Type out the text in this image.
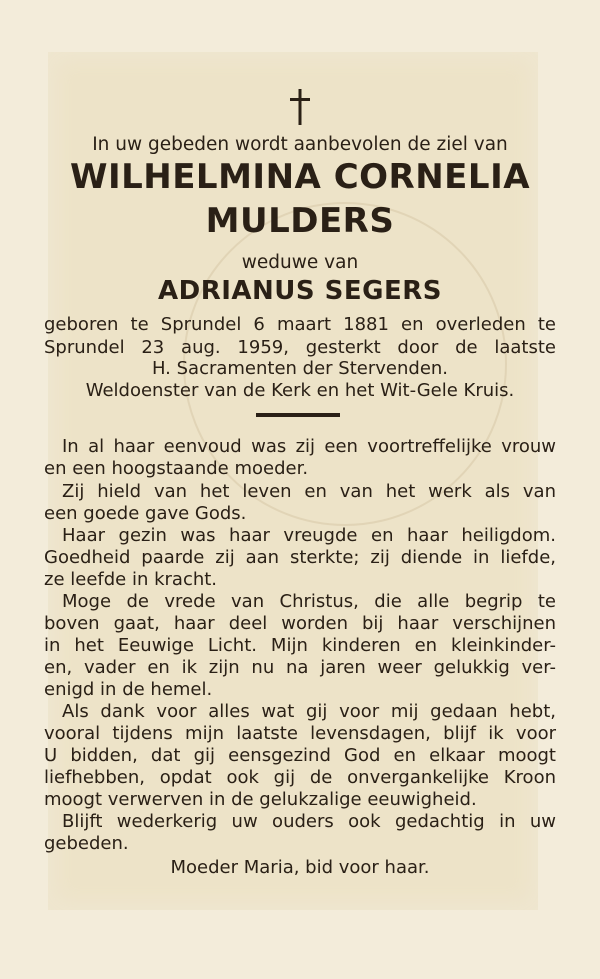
In uw gebeden wordt aanbevolen de ziel van
WILHELMINA CORNELIA
MULDERS
weduwe van
ADRIANUS SEGERS
geboren te Sprundel 6 maart 1881 en overleden te
Sprundel 23 aug. 1959, gesterkt door de laatste
H. Sacramenten der Stervenden.
Weldoenster van de Kerk en het Wit-Gele Kruis.
In al haar eenvoud was zij een voortreffelijke vrouw
en een hoogstaande moeder.
Zij hield van het leven en van het werk als van
een goede gave Gods.
Haar gezin was haar vreugde en haar heiligdom.
Goedheid paarde zij aan sterkte; zij diende in liefde,
ze leefde in kracht.
Moge de vrede van Christus, die alle begrip te
boven gaat, haar deel worden bij haar verschijnen
in het Eeuwige Licht. Mijn kinderen en kleinkinder-
en, vader en ik zijn nu na jaren weer gelukkig ver-
enigd in de hemel.
Als dank voor alles wat gij voor mij gedaan hebt,
vooral tijdens mijn laatste levensdagen, blijf ik voor
U bidden, dat gij eensgezind God en elkaar moogt
liefhebben, opdat ook gij de onvergankelijke Kroon
moogt verwerven in de gelukzalige eeuwigheid.
Blijft wederkerig uw ouders ook gedachtig in uw
gebeden.
Moeder Maria, bid voor haar.
